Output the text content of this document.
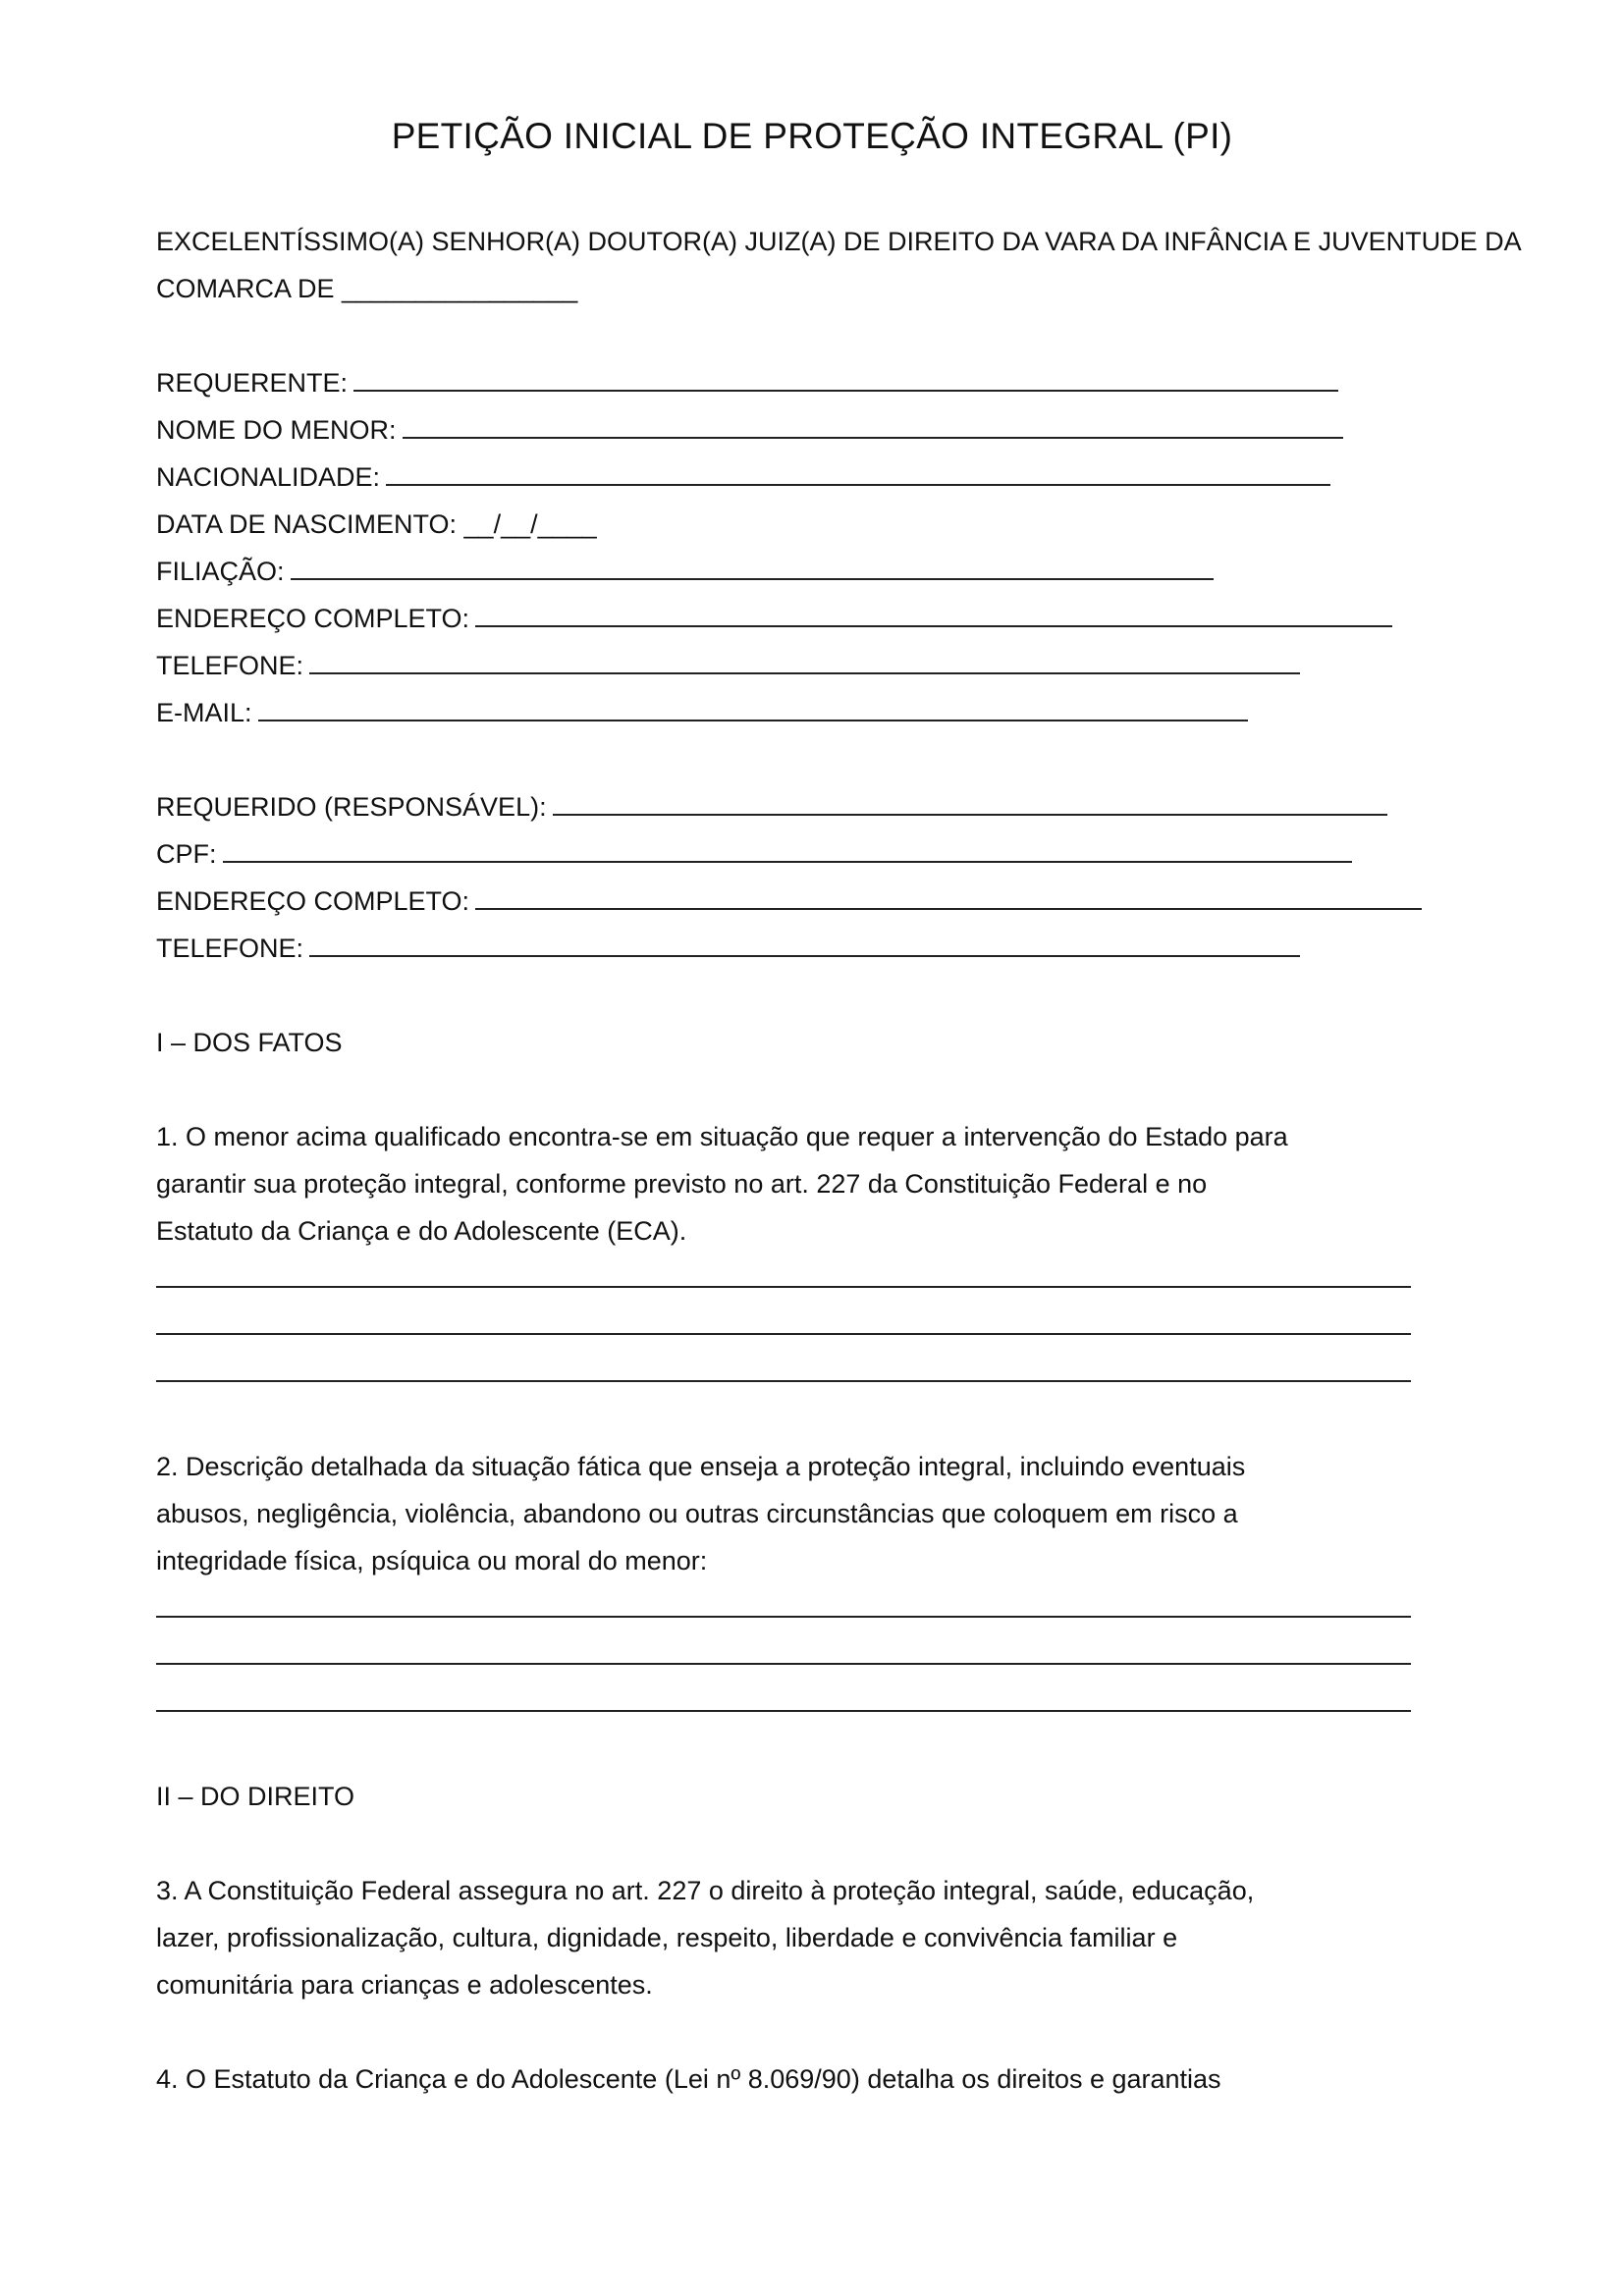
PETIÇÃO INICIAL DE PROTEÇÃO INTEGRAL (PI)
EXCELENTÍSSIMO(A) SENHOR(A) DOUTOR(A) JUIZ(A) DE DIREITO DA VARA DA INFÂNCIA E JUVENTUDE DA
COMARCA DE ________________
REQUERENTE:
NOME DO MENOR:
NACIONALIDADE:
DATA DE NASCIMENTO: __/__/____
FILIAÇÃO:
ENDEREÇO COMPLETO:
TELEFONE:
E-MAIL:
REQUERIDO (RESPONSÁVEL):
CPF:
ENDEREÇO COMPLETO:
TELEFONE:
I – DOS FATOS
1. O menor acima qualificado encontra-se em situação que requer a intervenção do Estado para
garantir sua proteção integral, conforme previsto no art. 227 da Constituição Federal e no
Estatuto da Criança e do Adolescente (ECA).
2. Descrição detalhada da situação fática que enseja a proteção integral, incluindo eventuais
abusos, negligência, violência, abandono ou outras circunstâncias que coloquem em risco a
integridade física, psíquica ou moral do menor:
II – DO DIREITO
3. A Constituição Federal assegura no art. 227 o direito à proteção integral, saúde, educação,
lazer, profissionalização, cultura, dignidade, respeito, liberdade e convivência familiar e
comunitária para crianças e adolescentes.
4. O Estatuto da Criança e do Adolescente (Lei nº 8.069/90) detalha os direitos e garantias
